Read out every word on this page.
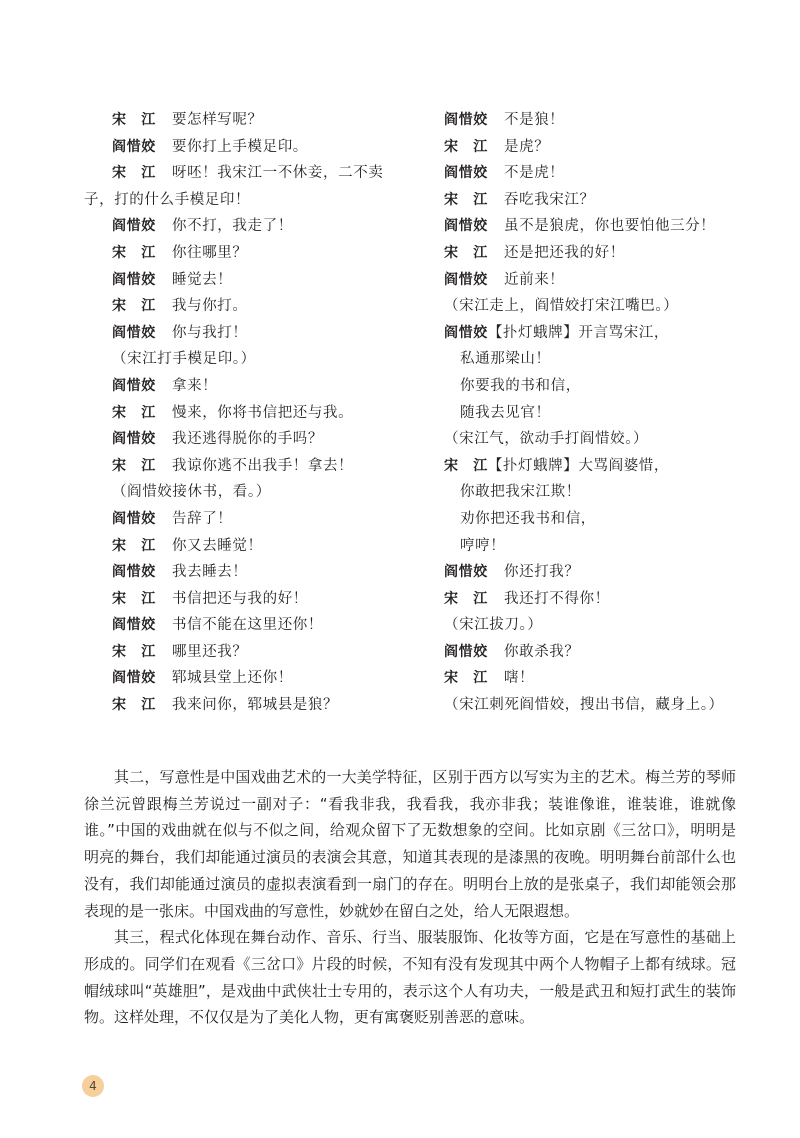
宋　江 要怎样写呢？
阎惜姣 要你打上手模足印。
宋　江 呀呸！我宋江一不休妾，二不卖
子，打的什么手模足印！
阎惜姣 你不打，我走了！
宋　江 你往哪里？
阎惜姣 睡觉去！
宋　江 我与你打。
阎惜姣 你与我打！
（宋江打手模足印。）
阎惜姣 拿来！
宋　江 慢来，你将书信把还与我。
阎惜姣 我还逃得脱你的手吗？
宋　江 我谅你逃不出我手！拿去！
（阎惜姣接休书，看。）
阎惜姣 告辞了！
宋　江 你又去睡觉！
阎惜姣 我去睡去！
宋　江 书信把还与我的好！
阎惜姣 书信不能在这里还你！
宋　江 哪里还我？
阎惜姣 郓城县堂上还你！
宋　江 我来问你，郓城县是狼？
阎惜姣 不是狼！
宋　江 是虎？
阎惜姣 不是虎！
宋　江 吞吃我宋江？
阎惜姣 虽不是狼虎，你也要怕他三分！
宋　江 还是把还我的好！
阎惜姣 近前来！
（宋江走上，阎惜姣打宋江嘴巴。）
阎惜姣【扑灯蛾牌】开言骂宋江，
私通那梁山！
你要我的书和信，
随我去见官！
（宋江气，欲动手打阎惜姣。）
宋　江【扑灯蛾牌】大骂阎婆惜，
你敢把我宋江欺！
劝你把还我书和信，
哼哼！
阎惜姣 你还打我？
宋　江 我还打不得你！
（宋江拔刀。）
阎惜姣 你敢杀我？
宋　江 嗐！
（宋江刺死阎惜姣，搜出书信，藏身上。）

其二，写意性是中国戏曲艺术的一大美学特征，区别于西方以写实为主的艺术。梅兰芳的琴师徐兰沅曾跟梅兰芳说过一副对子：“看我非我，我看我，我亦非我；装谁像谁，谁装谁，谁就像谁。”中国的戏曲就在似与不似之间，给观众留下了无数想象的空间。比如京剧《三岔口》，明明是明亮的舞台，我们却能通过演员的表演会其意，知道其表现的是漆黑的夜晚。明明舞台前部什么也没有，我们却能通过演员的虚拟表演看到一扇门的存在。明明台上放的是张桌子，我们却能领会那表现的是一张床。中国戏曲的写意性，妙就妙在留白之处，给人无限遐想。

其三，程式化体现在舞台动作、音乐、行当、服装服饰、化妆等方面，它是在写意性的基础上形成的。同学们在观看《三岔口》片段的时候，不知有没有发现其中两个人物帽子上都有绒球。冠帽绒球叫“英雄胆”，是戏曲中武侠壮士专用的，表示这个人有功夫，一般是武丑和短打武生的装饰物。这样处理，不仅仅是为了美化人物，更有寓褒贬别善恶的意味。

4
